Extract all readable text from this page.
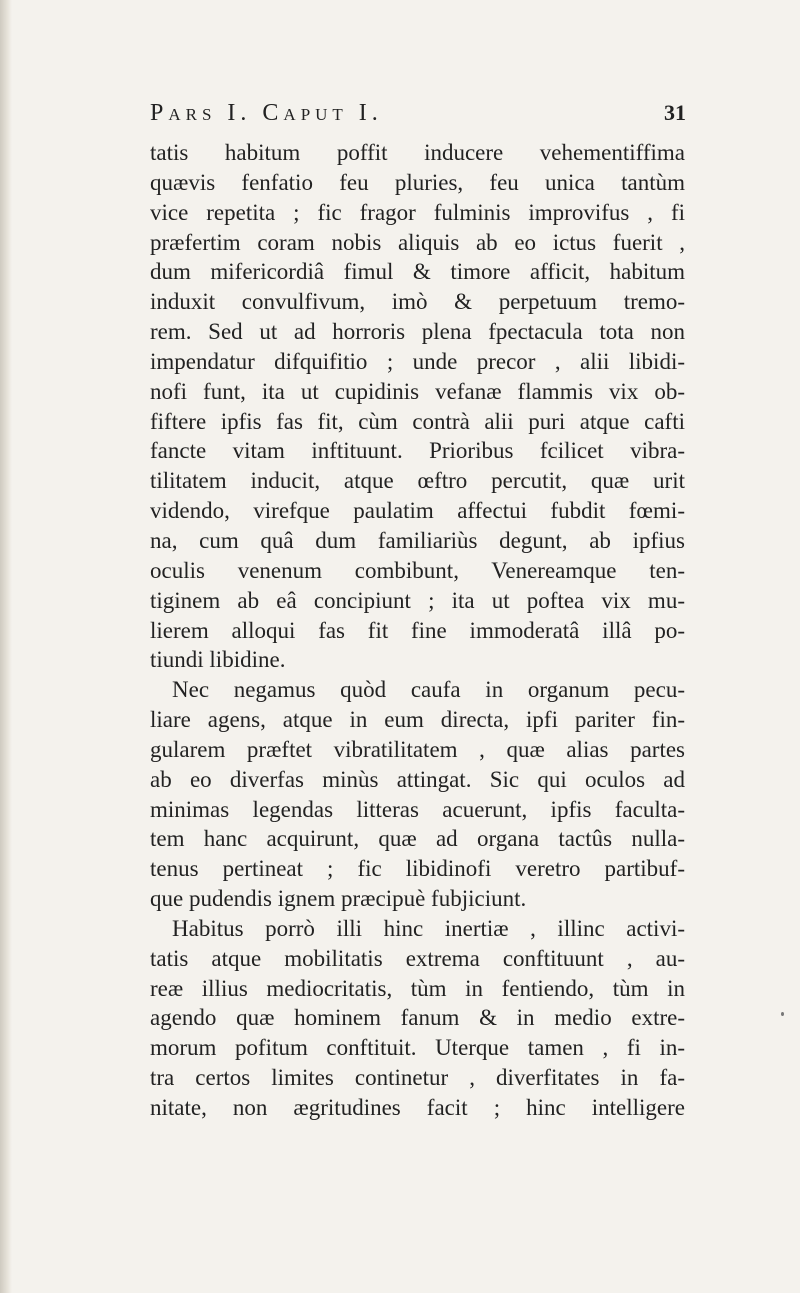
Pars I. Caput I.	31
tatis habitum poffit inducere vehementiffima
quævis fenfatio feu pluries, feu unica tantùm
vice repetita ; fic fragor fulminis improvifus , fi
præfertim coram nobis aliquis ab eo ictus fuerit ,
dum mifericordiâ fimul & timore afficit, habitum
induxit convulfivum, imò & perpetuum tremo-
rem. Sed ut ad horroris plena fpectacula tota non
impendatur difquifitio ; unde precor , alii libidi-
nofi funt, ita ut cupidinis vefanæ flammis vix ob-
fiftere ipfis fas fit, cùm contrà alii puri atque cafti
fancte vitam inftituunt. Prioribus fcilicet vibra-
tilitatem inducit, atque œftro percutit, quæ urit
videndo, virefque paulatim affectui fubdit fœmi-
na, cum quâ dum familiariùs degunt, ab ipfius
oculis venenum combibunt, Venereamque ten-
tiginem ab eâ concipiunt ; ita ut poftea vix mu-
lierem alloqui fas fit fine immoderatâ illâ po-
tiundi libidine.
Nec negamus quòd caufa in organum pecu-
liare agens, atque in eum directa, ipfi pariter fin-
gularem præftet vibratilitatem , quæ alias partes
ab eo diverfas minùs attingat. Sic qui oculos ad
minimas legendas litteras acuerunt, ipfis faculta-
tem hanc acquirunt, quæ ad organa tactûs nulla-
tenus pertineat ; fic libidinofi veretro partibuf-
que pudendis ignem præcipuè fubjiciunt.
Habitus porrò illi hinc inertiæ , illinc activi-
tatis atque mobilitatis extrema conftituunt , au-
reæ illius mediocritatis, tùm in fentiendo, tùm in
agendo quæ hominem fanum & in medio extre-
morum pofitum conftituit. Uterque tamen , fi in-
tra certos limites continetur , diverfitates in fa-
nitate, non ægritudines facit ; hinc intelligere
